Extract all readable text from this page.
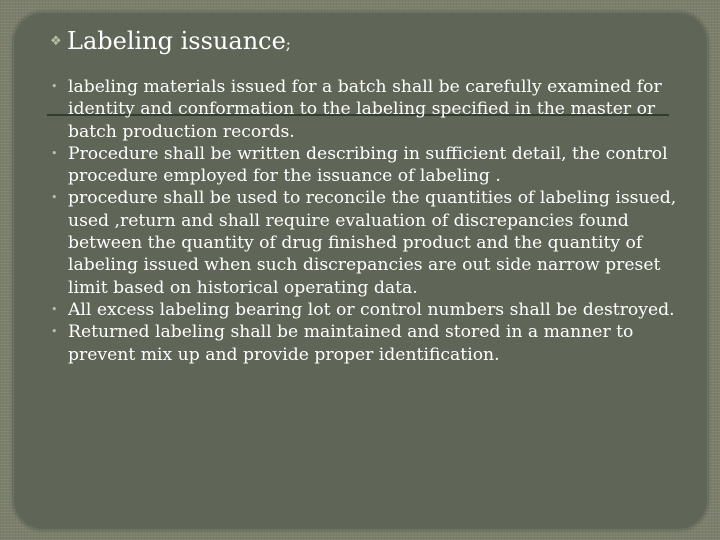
❖ Labeling issuance;
• labeling materials issued for a batch shall be carefully examined for identity and conformation to the labeling specified in the master or batch production records.
• Procedure shall be written describing in sufficient detail, the control procedure employed for the issuance of labeling .
• procedure shall be used to reconcile the quantities of labeling issued, used ,return and shall require evaluation of discrepancies found between the quantity of drug finished product and the quantity of labeling issued when such discrepancies are out side narrow preset limit based on historical operating data.
• All excess labeling bearing lot or control numbers shall be destroyed.
• Returned labeling shall be maintained and stored in a manner to prevent mix up and provide proper identification.
